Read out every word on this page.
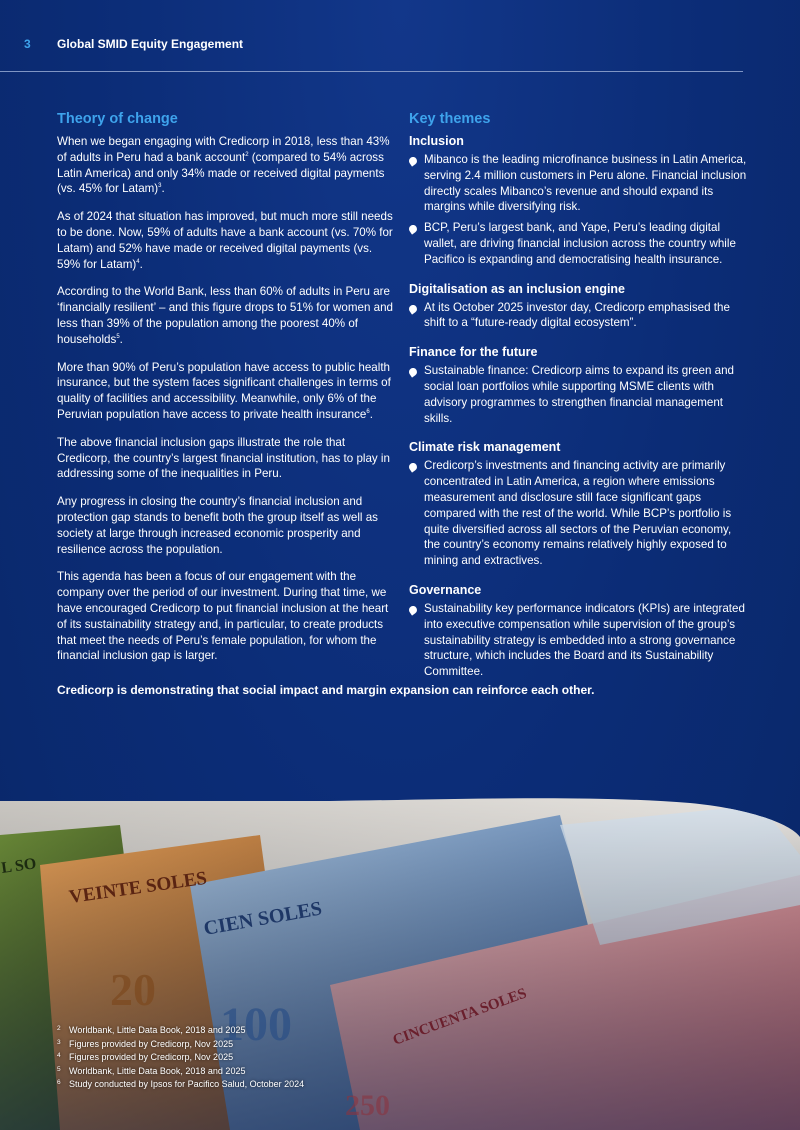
3 Global SMID Equity Engagement
Theory of change

When we began engaging with Credicorp in 2018, less than 43% of adults in Peru had a bank account$^2$ (compared to 54% across Latin America) and only 34% made or received digital payments (vs. 45% for Latam)$^3$.

As of 2024 that situation has improved, but much more still needs to be done. Now, 59% of adults have a bank account (vs. 70% for Latam) and 52% have made or received digital payments (vs. 59% for Latam)$^4$.

According to the World Bank, less than 60% of adults in Peru are ‘financially resilient’ – and this figure drops to 51% for women and less than 39% of the population among the poorest 40% of households$^5$.

More than 90% of Peru’s population have access to public health insurance, but the system faces significant challenges in terms of quality of facilities and accessibility. Meanwhile, only 6% of the Peruvian population have access to private health insurance$^6$.

The above financial inclusion gaps illustrate the role that Credicorp, the country’s largest financial institution, has to play in addressing some of the inequalities in Peru.

Any progress in closing the country’s financial inclusion and protection gap stands to benefit both the group itself as well as society at large through increased economic prosperity and resilience across the population.

This agenda has been a focus of our engagement with the company over the period of our investment. During that time, we have encouraged Credicorp to put financial inclusion at the heart of its sustainability strategy and, in particular, to create products that meet the needs of Peru’s female population, for whom the financial inclusion gap is larger.

Key themes
Inclusion
Mibanco is the leading microfinance business in Latin America, serving 2.4 million customers in Peru alone. Financial inclusion directly scales Mibanco’s revenue and should expand its margins while diversifying risk.
BCP, Peru’s largest bank, and Yape, Peru’s leading digital wallet, are driving financial inclusion across the country while Pacifico is expanding and democratising health insurance.
Digitalisation as an inclusion engine
At its October 2025 investor day, Credicorp emphasised the shift to a “future-ready digital ecosystem”.
Finance for the future
Sustainable finance: Credicorp aims to expand its green and social loan portfolios while supporting MSME clients with advisory programmes to strengthen financial management skills.
Climate risk management
Credicorp’s investments and financing activity are primarily concentrated in Latin America, a region where emissions measurement and disclosure still face significant gaps compared with the rest of the world. While BCP’s portfolio is quite diversified across all sectors of the Peruvian economy, the country’s economy remains relatively highly exposed to mining and extractives.
Governance
Sustainability key performance indicators (KPIs) are integrated into executive compensation while supervision of the group’s sustainability strategy is embedded into a strong governance structure, which includes the Board and its Sustainability Committee.
Credicorp is demonstrating that social impact and margin expansion can reinforce each other.
L SO
VEINTE SOLES
CIEN SOLES
CINCUENTA SOLES
20
100
250
2 Worldbank, Little Data Book, 2018 and 2025
3 Figures provided by Credicorp, Nov 2025
4 Figures provided by Credicorp, Nov 2025
5 Worldbank, Little Data Book, 2018 and 2025
6 Study conducted by Ipsos for Pacifico Salud, October 2024
